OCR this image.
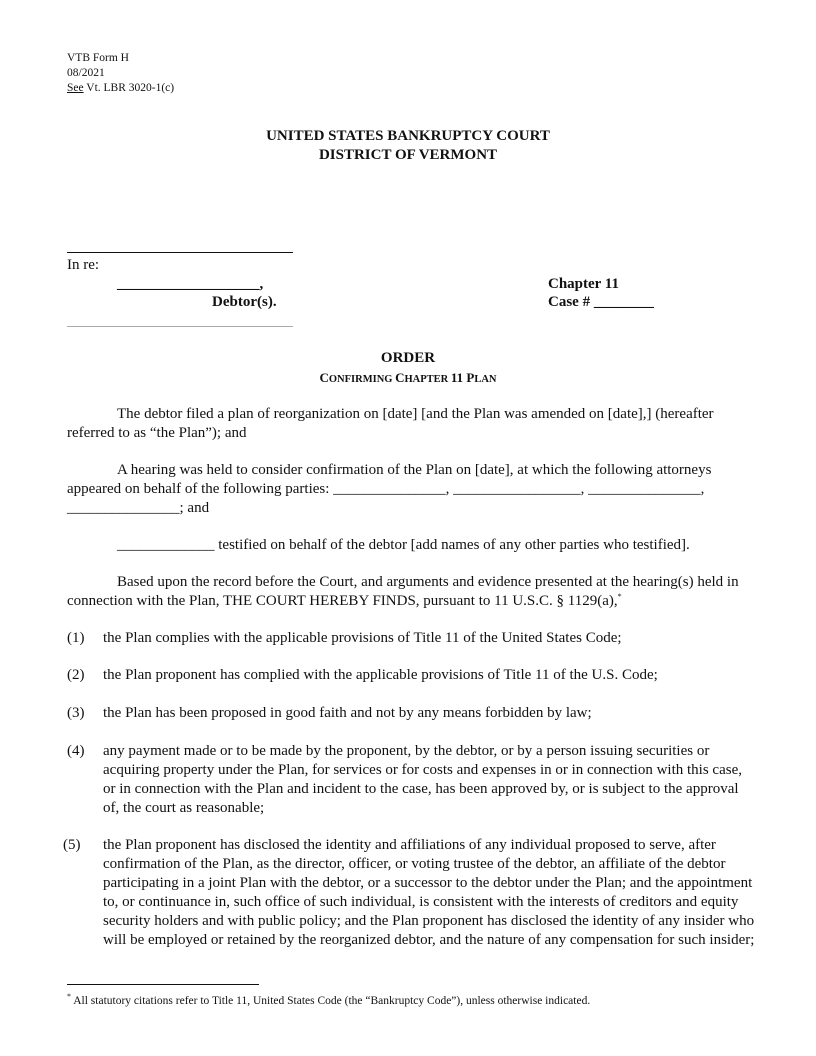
VTB Form H
08/2021
See Vt. LBR 3020-1(c)
UNITED STATES BANKRUPTCY COURT
DISTRICT OF VERMONT
In re:
___________________,
Debtor(s).
Chapter 11
Case # ________
ORDER
CONFIRMING CHAPTER 11 PLAN
The debtor filed a plan of reorganization on [date] [and the Plan was amended on [date],] (hereafter referred to as “the Plan”); and
A hearing was held to consider confirmation of the Plan on [date], at which the following attorneys appeared on behalf of the following parties: _______________, _________________, _______________, _______________; and
_____________ testified on behalf of the debtor [add names of any other parties who testified].
Based upon the record before the Court, and arguments and evidence presented at the hearing(s) held in connection with the Plan, THE COURT HEREBY FINDS, pursuant to 11 U.S.C. § 1129(a),*
(1) the Plan complies with the applicable provisions of Title 11 of the United States Code;
(2) the Plan proponent has complied with the applicable provisions of Title 11 of the U.S. Code;
(3) the Plan has been proposed in good faith and not by any means forbidden by law;
(4) any payment made or to be made by the proponent, by the debtor, or by a person issuing securities or acquiring property under the Plan, for services or for costs and expenses in or in connection with this case, or in connection with the Plan and incident to the case, has been approved by, or is subject to the approval of, the court as reasonable;
(5) the Plan proponent has disclosed the identity and affiliations of any individual proposed to serve, after confirmation of the Plan, as the director, officer, or voting trustee of the debtor, an affiliate of the debtor participating in a joint Plan with the debtor, or a successor to the debtor under the Plan; and the appointment to, or continuance in, such office of such individual, is consistent with the interests of creditors and equity security holders and with public policy; and the Plan proponent has disclosed the identity of any insider who will be employed or retained by the reorganized debtor, and the nature of any compensation for such insider;
* All statutory citations refer to Title 11, United States Code (the “Bankruptcy Code”), unless otherwise indicated.
